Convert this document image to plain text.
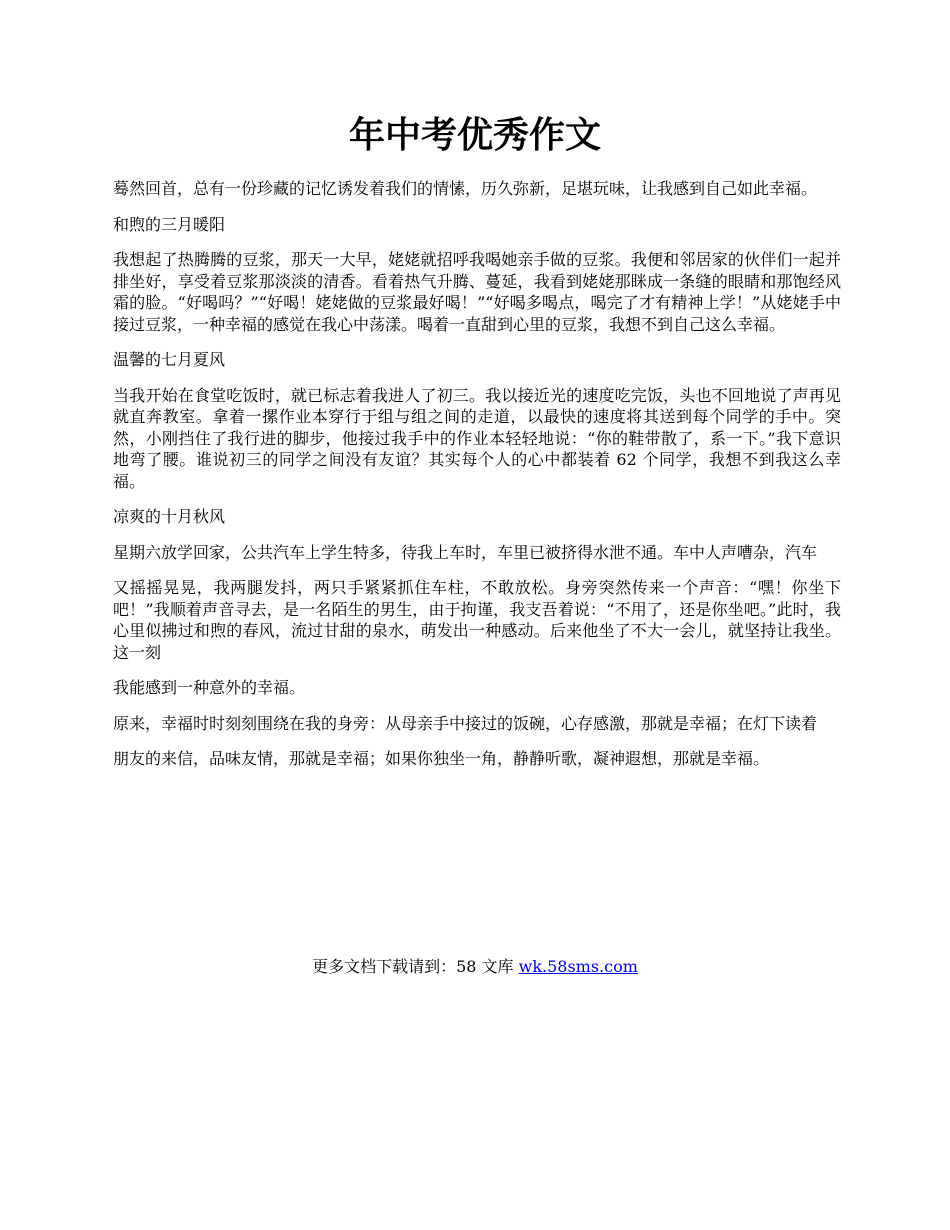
年中考优秀作文

蓦然回首，总有一份珍藏的记忆诱发着我们的情愫，历久弥新，足堪玩味，让我感到自己如此幸福。

和煦的三月暖阳

我想起了热腾腾的豆浆，那天一大早，姥姥就招呼我喝她亲手做的豆浆。我便和邻居家的伙伴们一起并排坐好，享受着豆浆那淡淡的清香。看着热气升腾、蔓延，我看到姥姥那眯成一条缝的眼睛和那饱经风霜的脸。“好喝吗？”“好喝！姥姥做的豆浆最好喝！”“好喝多喝点，喝完了才有精神上学！”从姥姥手中接过豆浆，一种幸福的感觉在我心中荡漾。喝着一直甜到心里的豆浆，我想不到自己这么幸福。

温馨的七月夏风

当我开始在食堂吃饭时，就已标志着我进人了初三。我以接近光的速度吃完饭，头也不回地说了声再见就直奔教室。拿着一摞作业本穿行于组与组之间的走道，以最快的速度将其送到每个同学的手中。突然，小刚挡住了我行进的脚步，他接过我手中的作业本轻轻地说：“你的鞋带散了，系一下。”我下意识地弯了腰。谁说初三的同学之间没有友谊？其实每个人的心中都装着 62 个同学，我想不到我这么幸福。

凉爽的十月秋风

星期六放学回家，公共汽车上学生特多，待我上车时，车里已被挤得水泄不通。车中人声嘈杂，汽车

又摇摇晃晃，我两腿发抖，两只手紧紧抓住车柱，不敢放松。身旁突然传来一个声音：“嘿！你坐下吧！”我顺着声音寻去，是一名陌生的男生，由于拘谨，我支吾着说：“不用了，还是你坐吧。”此时，我心里似拂过和煦的春风，流过甘甜的泉水，萌发出一种感动。后来他坐了不大一会儿，就坚持让我坐。这一刻

我能感到一种意外的幸福。

原来，幸福时时刻刻围绕在我的身旁：从母亲手中接过的饭碗，心存感激，那就是幸福；在灯下读着

朋友的来信，品味友情，那就是幸福；如果你独坐一角，静静听歌，凝神遐想，那就是幸福。

更多文档下载请到：58 文库 wk.58sms.com
